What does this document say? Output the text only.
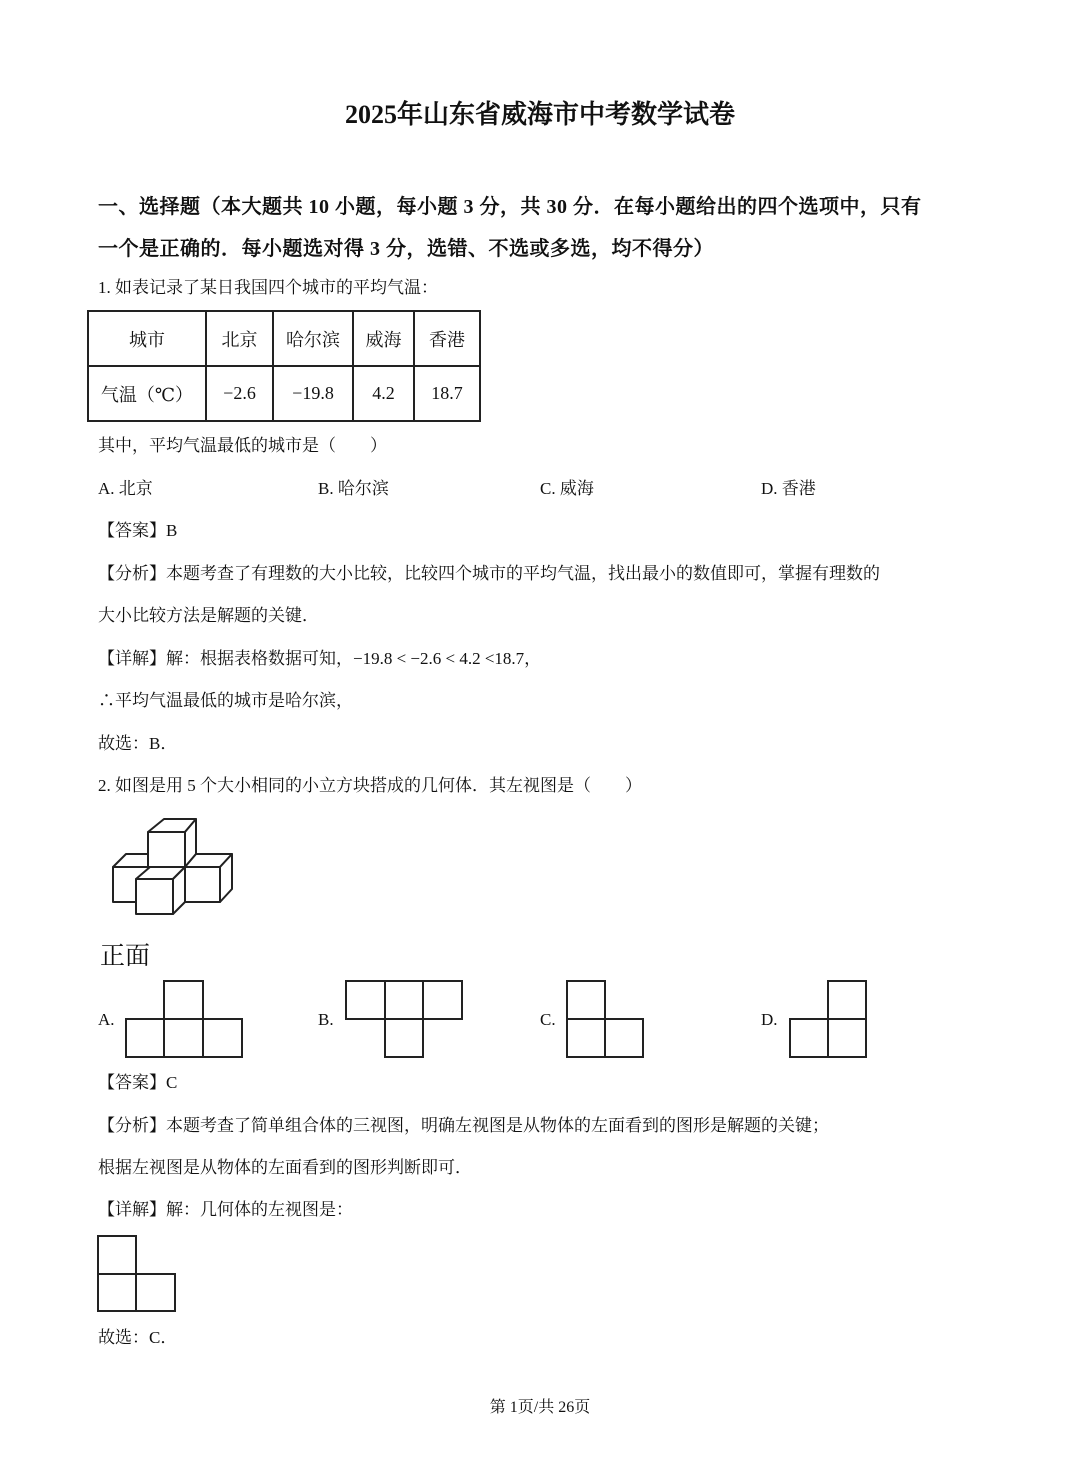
2025年山东省威海市中考数学试卷
一、选择题（本大题共 10 小题，每小题 3 分，共 30 分．在每小题给出的四个选项中，只有
一个是正确的．每小题选对得 3 分，选错、不选或多选，均不得分）
1. 如表记录了某日我国四个城市的平均气温：
城市	北京	哈尔滨	威海	香港
气温（℃）	−2.6	−19.8	4.2	18.7
其中，平均气温最低的城市是（　　）
A. 北京	B. 哈尔滨	C. 威海	D. 香港
【答案】B
【分析】本题考查了有理数的大小比较，比较四个城市的平均气温，找出最小的数值即可，掌握有理数的
大小比较方法是解题的关键．
【详解】解：根据表格数据可知，−19.8 < −2.6 < 4.2 <18.7，
∴平均气温最低的城市是哈尔滨，
故选：B．
2. 如图是用 5 个大小相同的小立方块搭成的几何体．其左视图是（　　）
正面
A.	B.	C.	D.
【答案】C
【分析】本题考查了简单组合体的三视图，明确左视图是从物体的左面看到的图形是解题的关键；
根据左视图是从物体的左面看到的图形判断即可．
【详解】解：几何体的左视图是：
故选：C．
第 1页/共 26页
